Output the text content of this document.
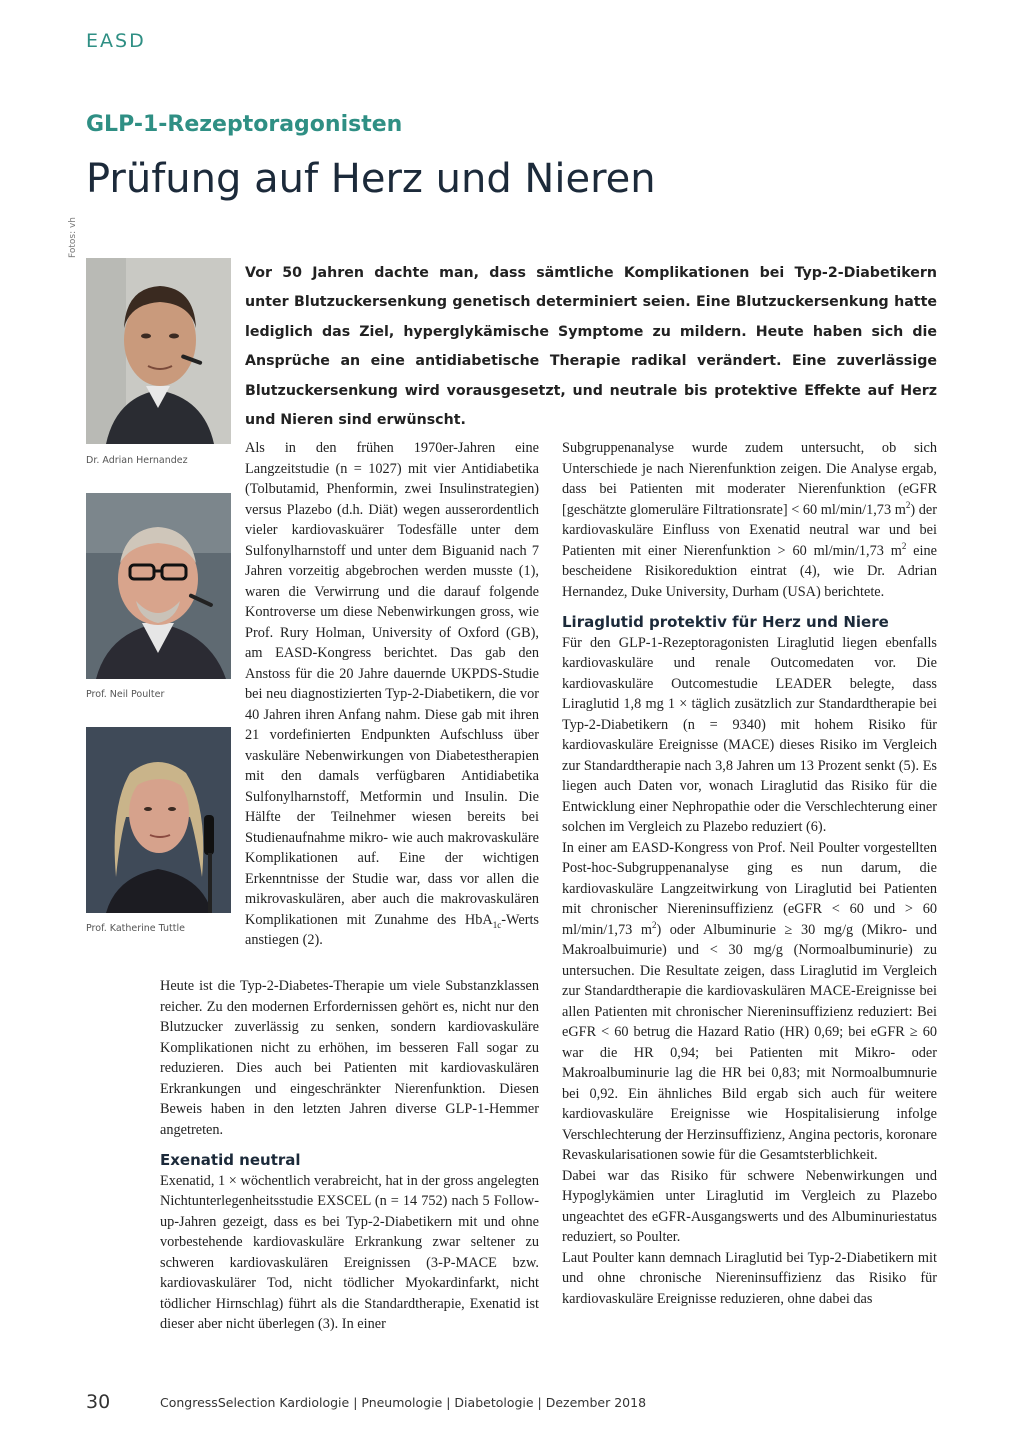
EASD
GLP-1-Rezeptoragonisten
Prüfung auf Herz und Nieren
Fotos: vh
Dr. Adrian Hernandez
Prof. Neil Poulter
Prof. Katherine Tuttle
Vor 50 Jahren dachte man, dass sämtliche Komplikationen bei Typ-2-Diabetikern unter Blutzuckersenkung genetisch determiniert seien. Eine Blutzuckersenkung hatte lediglich das Ziel, hyperglykämische Symptome zu mildern. Heute haben sich die Ansprüche an eine antidiabetische Therapie radikal verändert. Eine zuverlässige Blutzuckersenkung wird vorausgesetzt, und neutrale bis protektive Effekte auf Herz und Nieren sind erwünscht.

Als in den frühen 1970er-Jahren eine Langzeitstudie (n = 1027) mit vier Antidiabetika (Tolbutamid, Phenformin, zwei Insulinstrategien) versus Plazebo (d.h. Diät) wegen ausserordentlich vieler kardiovaskuärer Todesfälle unter dem Sulfonylharnstoff und unter dem Biguanid nach 7 Jahren vorzeitig abgebrochen werden musste (1), waren die Verwirrung und die darauf folgende Kontroverse um diese Nebenwirkungen gross, wie Prof. Rury Holman, University of Oxford (GB), am EASD-Kongress berichtet. Das gab den Anstoss für die 20 Jahre dauernde UKPDS-Studie bei neu diagnostizierten Typ-2-Diabetikern, die vor 40 Jahren ihren Anfang nahm. Diese gab mit ihren 21 vordefinierten Endpunkten Aufschluss über vaskuläre Nebenwirkungen von Diabetestherapien mit den damals verfügbaren Antidiabetika Sulfonylharnstoff, Metformin und Insulin. Die Hälfte der Teilnehmer wiesen bereits bei Studienaufnahme mikro- wie auch makrovaskuläre Komplikationen auf. Eine der wichtigen Erkenntnisse der Studie war, dass vor allen die mikrovaskulären, aber auch die makrovaskulären Komplikationen mit Zunahme des HbA$_{1c}$-Werts anstiegen (2).

Heute ist die Typ-2-Diabetes-Therapie um viele Substanzklassen reicher. Zu den modernen Erfordernissen gehört es, nicht nur den Blutzucker zuverlässig zu senken, sondern kardiovaskuläre Komplikationen nicht zu erhöhen, im besseren Fall sogar zu reduzieren. Dies auch bei Patienten mit kardiovaskulären Erkrankungen und eingeschränkter Nierenfunktion. Diesen Beweis haben in den letzten Jahren diverse GLP-1-Hemmer angetreten.

Exenatid neutral

Exenatid, 1 × wöchentlich verabreicht, hat in der gross angelegten Nichtunterlegenheitsstudie EXSCEL (n = 14 752) nach 5 Follow-up-Jahren gezeigt, dass es bei Typ-2-Diabetikern mit und ohne vorbestehende kardiovaskuläre Erkrankung zwar seltener zu schweren kardiovaskulären Ereignissen (3-P-MACE bzw. kardiovaskulärer Tod, nicht tödlicher Myokardinfarkt, nicht tödlicher Hirnschlag) führt als die Standardtherapie, Exenatid ist dieser aber nicht überlegen (3). In einer

Subgruppenanalyse wurde zudem untersucht, ob sich Unterschiede je nach Nierenfunktion zeigen. Die Analyse ergab, dass bei Patienten mit moderater Nierenfunktion (eGFR [geschätzte glomeruläre Filtrationsrate] < 60 ml/min/1,73 $m^2$) der kardiovaskuläre Einfluss von Exenatid neutral war und bei Patienten mit einer Nierenfunktion > 60 ml/min/1,73 $m^2$ eine bescheidene Risikoreduktion eintrat (4), wie Dr. Adrian Hernandez, Duke University, Durham (USA) berichtete.

Liraglutid protektiv für Herz und Niere

Für den GLP-1-Rezeptoragonisten Liraglutid liegen ebenfalls kardiovaskuläre und renale Outcomedaten vor. Die kardiovaskuläre Outcomestudie LEADER belegte, dass Liraglutid 1,8 mg 1 × täglich zusätzlich zur Standardtherapie bei Typ-2-Diabetikern (n = 9340) mit hohem Risiko für kardiovaskuläre Ereignisse (MACE) dieses Risiko im Vergleich zur Standardtherapie nach 3,8 Jahren um 13 Prozent senkt (5). Es liegen auch Daten vor, wonach Liraglutid das Risiko für die Entwicklung einer Nephropathie oder die Verschlechterung einer solchen im Vergleich zu Plazebo reduziert (6).

In einer am EASD-Kongress von Prof. Neil Poulter vorgestellten Post-hoc-Subgruppenanalyse ging es nun darum, die kardiovaskuläre Langzeitwirkung von Liraglutid bei Patienten mit chronischer Niereninsuffizienz (eGFR < 60 und > 60 ml/min/1,73 $m^2$) oder Albuminurie ≥ 30 mg/g (Mikro- und Makroalbuimurie) und < 30 mg/g (Normoalbuminurie) zu untersuchen. Die Resultate zeigen, dass Liraglutid im Vergleich zur Standardtherapie die kardiovaskulären MACE-Ereignisse bei allen Patienten mit chronischer Niereninsuffizienz reduziert: Bei eGFR < 60 betrug die Hazard Ratio (HR) 0,69; bei eGFR ≥ 60 war die HR 0,94; bei Patienten mit Mikro- oder Makroalbuminurie lag die HR bei 0,83; mit Normoalbumnurie bei 0,92. Ein ähnliches Bild ergab sich auch für weitere kardiovaskuläre Ereignisse wie Hospitalisierung infolge Verschlechterung der Herzinsuffizienz, Angina pectoris, koronare Revaskularisationen sowie für die Gesamtsterblichkeit.

Dabei war das Risiko für schwere Nebenwirkungen und Hypoglykämien unter Liraglutid im Vergleich zu Plazebo ungeachtet des eGFR-Ausgangswerts und des Albuminuriestatus reduziert, so Poulter.

Laut Poulter kann demnach Liraglutid bei Typ-2-Diabetikern mit und ohne chronische Niereninsuffizienz das Risiko für kardiovaskuläre Ereignisse reduzieren, ohne dabei das

30	CongressSelection Kardiologie | Pneumologie | Diabetologie | Dezember 2018
